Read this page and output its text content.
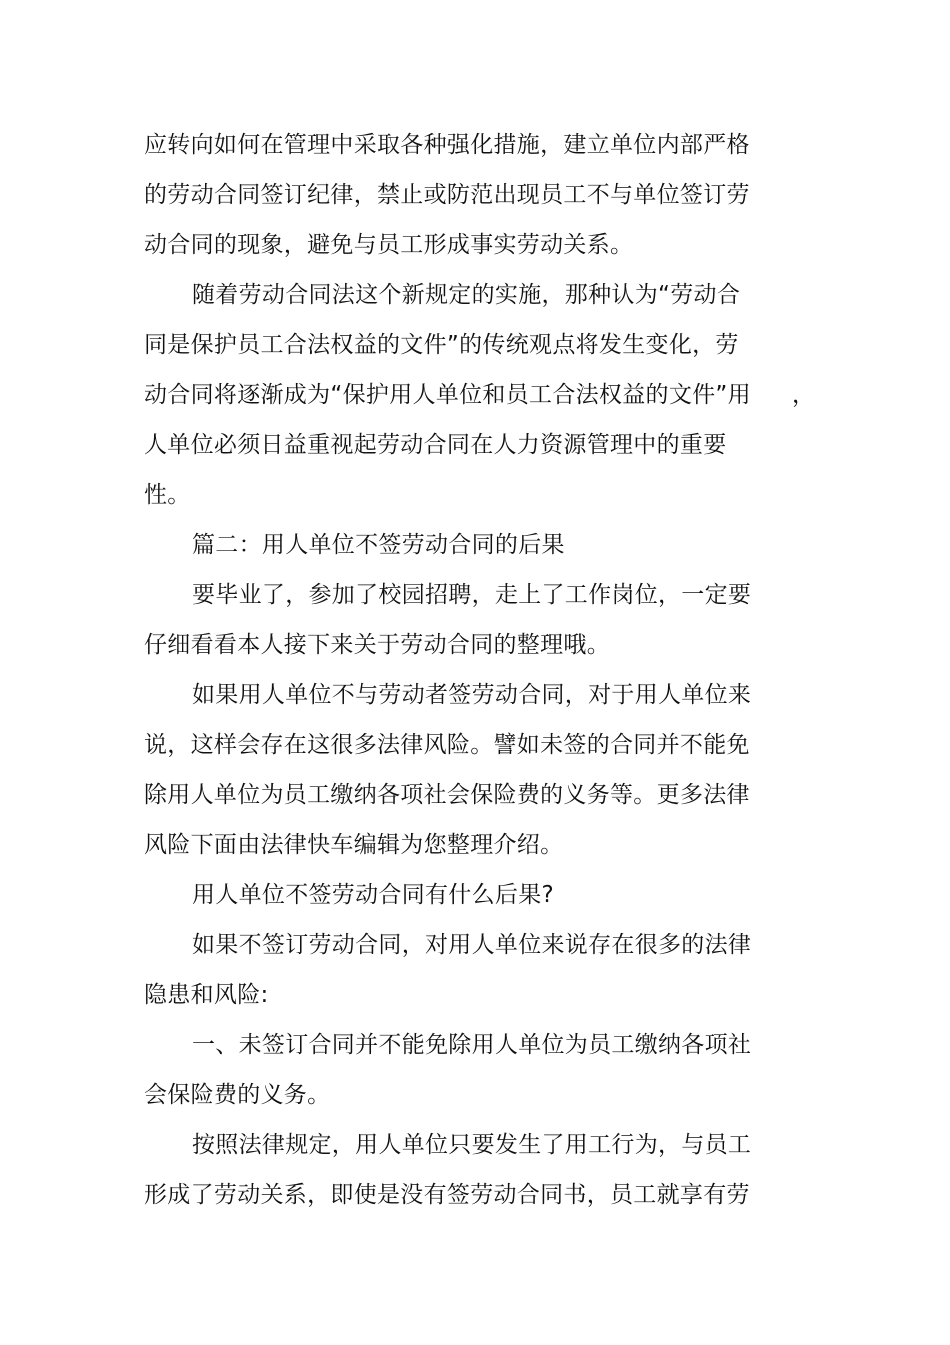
应转向如何在管理中采取各种强化措施，建立单位内部严格的劳动合同签订纪律，禁止或防范出现员工不与单位签订劳动合同的现象，避免与员工形成事实劳动关系。

随着劳动合同法这个新规定的实施，那种认为“劳动合同是保护员工合法权益的文件”的传统观点将发生变化，劳动合同将逐渐成为“保护用人单位和员工合法权益的文件”用人单位必须日益重视起劳动合同在人力资源管理中的重要性。

篇二：用人单位不签劳动合同的后果

要毕业了，参加了校园招聘，走上了工作岗位，一定要仔细看看本人接下来关于劳动合同的整理哦。

如果用人单位不与劳动者签劳动合同，对于用人单位来说，这样会存在这很多法律风险。譬如未签的合同并不能免除用人单位为员工缴纳各项社会保险费的义务等。更多法律风险下面由法律快车编辑为您整理介绍。

用人单位不签劳动合同有什么后果?

如果不签订劳动合同，对用人单位来说存在很多的法律隐患和风险:

一、未签订合同并不能免除用人单位为员工缴纳各项社会保险费的义务。

按照法律规定，用人单位只要发生了用工行为，与员工形成了劳动关系，即使是没有签劳动合同书，员工就享有劳

，
